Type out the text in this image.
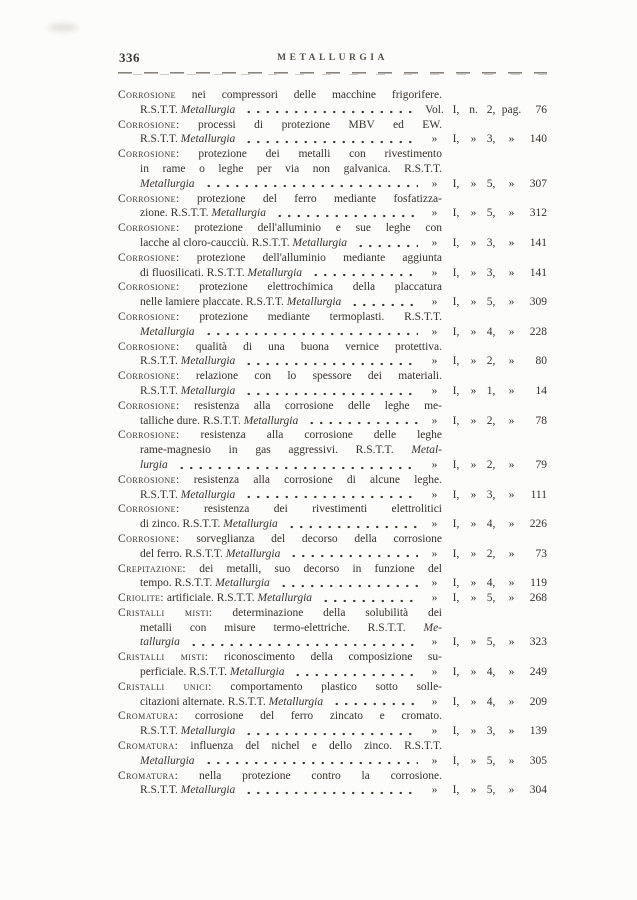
336	METALLURGIA
Corrosione nei compressori delle macchine frigorifere.
R.S.T.T. Metallurgia	Vol. I, n. 2, pag.	76
Corrosione: processi di protezione MBV ed EW.
R.S.T.T. Metallurgia	»	I, » 3,	»	140
Corrosione: protezione dei metalli con rivestimento
in rame o leghe per via non galvanica. R.S.T.T.
Metallurgia	»	I, » 5,	»	307
Corrosione: protezione del ferro mediante fosfatizza-
zione. R.S.T.T. Metallurgia	»	I, » 5,	»	312
Corrosione: protezione dell'alluminio e sue leghe con
lacche al cloro-caucciù. R.S.T.T. Metallurgia	»	I, » 3,	»	141
Corrosione: protezione dell'alluminio mediante aggiunta
di fluosilicati. R.S.T.T. Metallurgia	»	I, » 3,	»	141
Corrosione: protezione elettrochimica della placcatura
nelle lamiere placcate. R.S.T.T. Metallurgia	»	I, » 5,	»	309
Corrosione: protezione mediante termoplasti. R.S.T.T.
Metallurgia	»	I, » 4,	»	228
Corrosione: qualità di una buona vernice protettiva.
R.S.T.T. Metallurgia	»	I, » 2,	»	80
Corrosione: relazione con lo spessore dei materiali.
R.S.T.T. Metallurgia	»	I, » 1,	»	14
Corrosione: resistenza alla corrosione delle leghe me-
talliche dure. R.S.T.T. Metallurgia	»	I, » 2,	»	78
Corrosione: resistenza alla corrosione delle leghe
rame-magnesio in gas aggressivi. R.S.T.T. Metal-
lurgia	»	I, » 2,	»	79
Corrosione: resistenza alla corrosione di alcune leghe.
R.S.T.T. Metallurgia	»	I, » 3,	»	111
Corrosione: resistenza dei rivestimenti elettrolitici
di zinco. R.S.T.T. Metallurgia	»	I, » 4,	»	226
Corrosione: sorveglianza del decorso della corrosione
del ferro. R.S.T.T. Metallurgia	»	I, » 2,	»	73
Crepitazione: dei metalli, suo decorso in funzione del
tempo. R.S.T.T. Metallurgia	»	I, » 4,	»	119
Criolite: artificiale. R.S.T.T. Metallurgia	»	I, » 5,	»	268
Cristalli misti: determinazione della solubilità dei
metalli con misure termo-elettriche. R.S.T.T. Me-
tallurgia	»	I, » 5,	»	323
Cristalli misti: riconoscimento della composizione su-
perficiale. R.S.T.T. Metallurgia	»	I, » 4,	»	249
Cristalli unici: comportamento plastico sotto solle-
citazioni alternate. R.S.T.T. Metallurgia	»	I, » 4,	»	209
Cromatura: corrosione del ferro zincato e cromato.
R.S.T.T. Metallurgia	»	I, » 3,	»	139
Cromatura: influenza del nichel e dello zinco. R.S.T.T.
Metallurgia	»	I, » 5,	»	305
Cromatura: nella protezione contro la corrosione.
R.S.T.T. Metallurgia	»	I, » 5,	»	304
